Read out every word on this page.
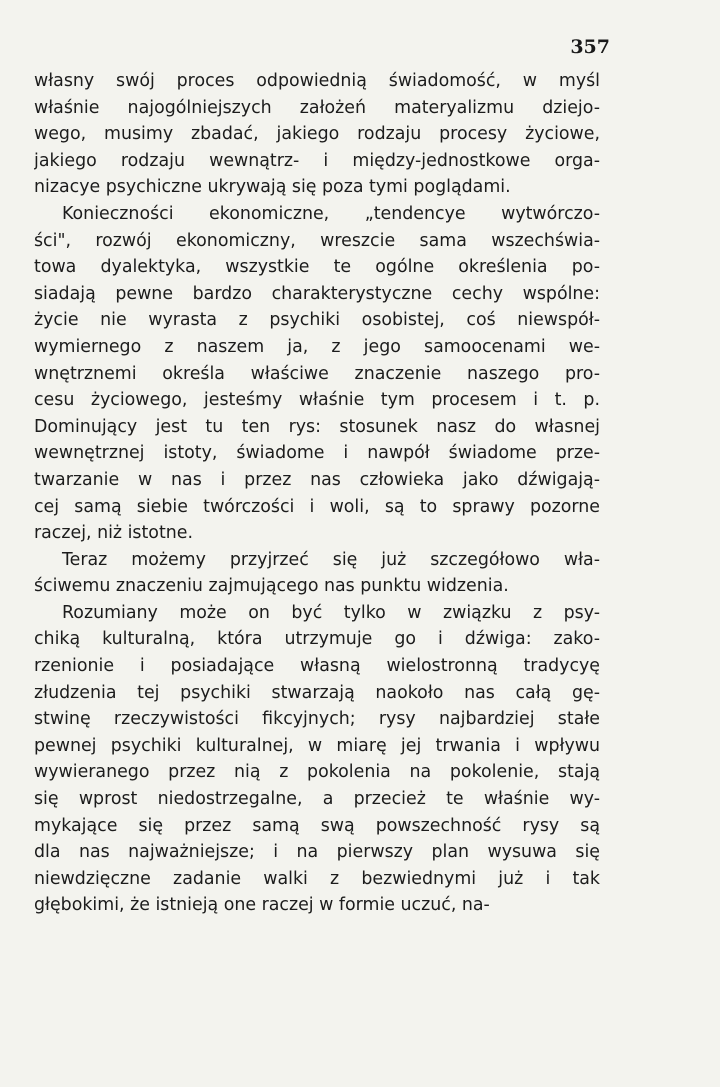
357
własny swój proces odpowiednią świadomość, w myśl
właśnie najogólniejszych założeń materyalizmu dziejo-
wego, musimy zbadać, jakiego rodzaju procesy życiowe,
jakiego rodzaju wewnątrz- i między-jednostkowe orga-
nizacye psychiczne ukrywają się poza tymi poglądami.
Konieczności ekonomiczne, „tendencye wytwórczo-
ści", rozwój ekonomiczny, wreszcie sama wszechświa-
towa dyalektyka, wszystkie te ogólne określenia po-
siadają pewne bardzo charakterystyczne cechy wspólne:
życie nie wyrasta z psychiki osobistej, coś niewspół-
wymiernego z naszem ja, z jego samoocenami we-
wnętrznemi określa właściwe znaczenie naszego pro-
cesu życiowego, jesteśmy właśnie tym procesem i t. p.
Dominujący jest tu ten rys: stosunek nasz do własnej
wewnętrznej istoty, świadome i nawpół świadome prze-
twarzanie w nas i przez nas człowieka jako dźwigają-
cej samą siebie twórczości i woli, są to sprawy pozorne
raczej, niż istotne.
Teraz możemy przyjrzeć się już szczegółowo wła-
ściwemu znaczeniu zajmującego nas punktu widzenia.
Rozumiany może on być tylko w związku z psy-
chiką kulturalną, która utrzymuje go i dźwiga: zako-
rzenionie i posiadające własną wielostronną tradycyę
złudzenia tej psychiki stwarzają naokoło nas całą gę-
stwinę rzeczywistości fikcyjnych; rysy najbardziej stałe
pewnej psychiki kulturalnej, w miarę jej trwania i wpływu
wywieranego przez nią z pokolenia na pokolenie, stają
się wprost niedostrzegalne, a przecież te właśnie wy-
mykające się przez samą swą powszechność rysy są
dla nas najważniejsze; i na pierwszy plan wysuwa się
niewdzięczne zadanie walki z bezwiednymi już i tak
głębokimi, że istnieją one raczej w formie uczuć, na-
